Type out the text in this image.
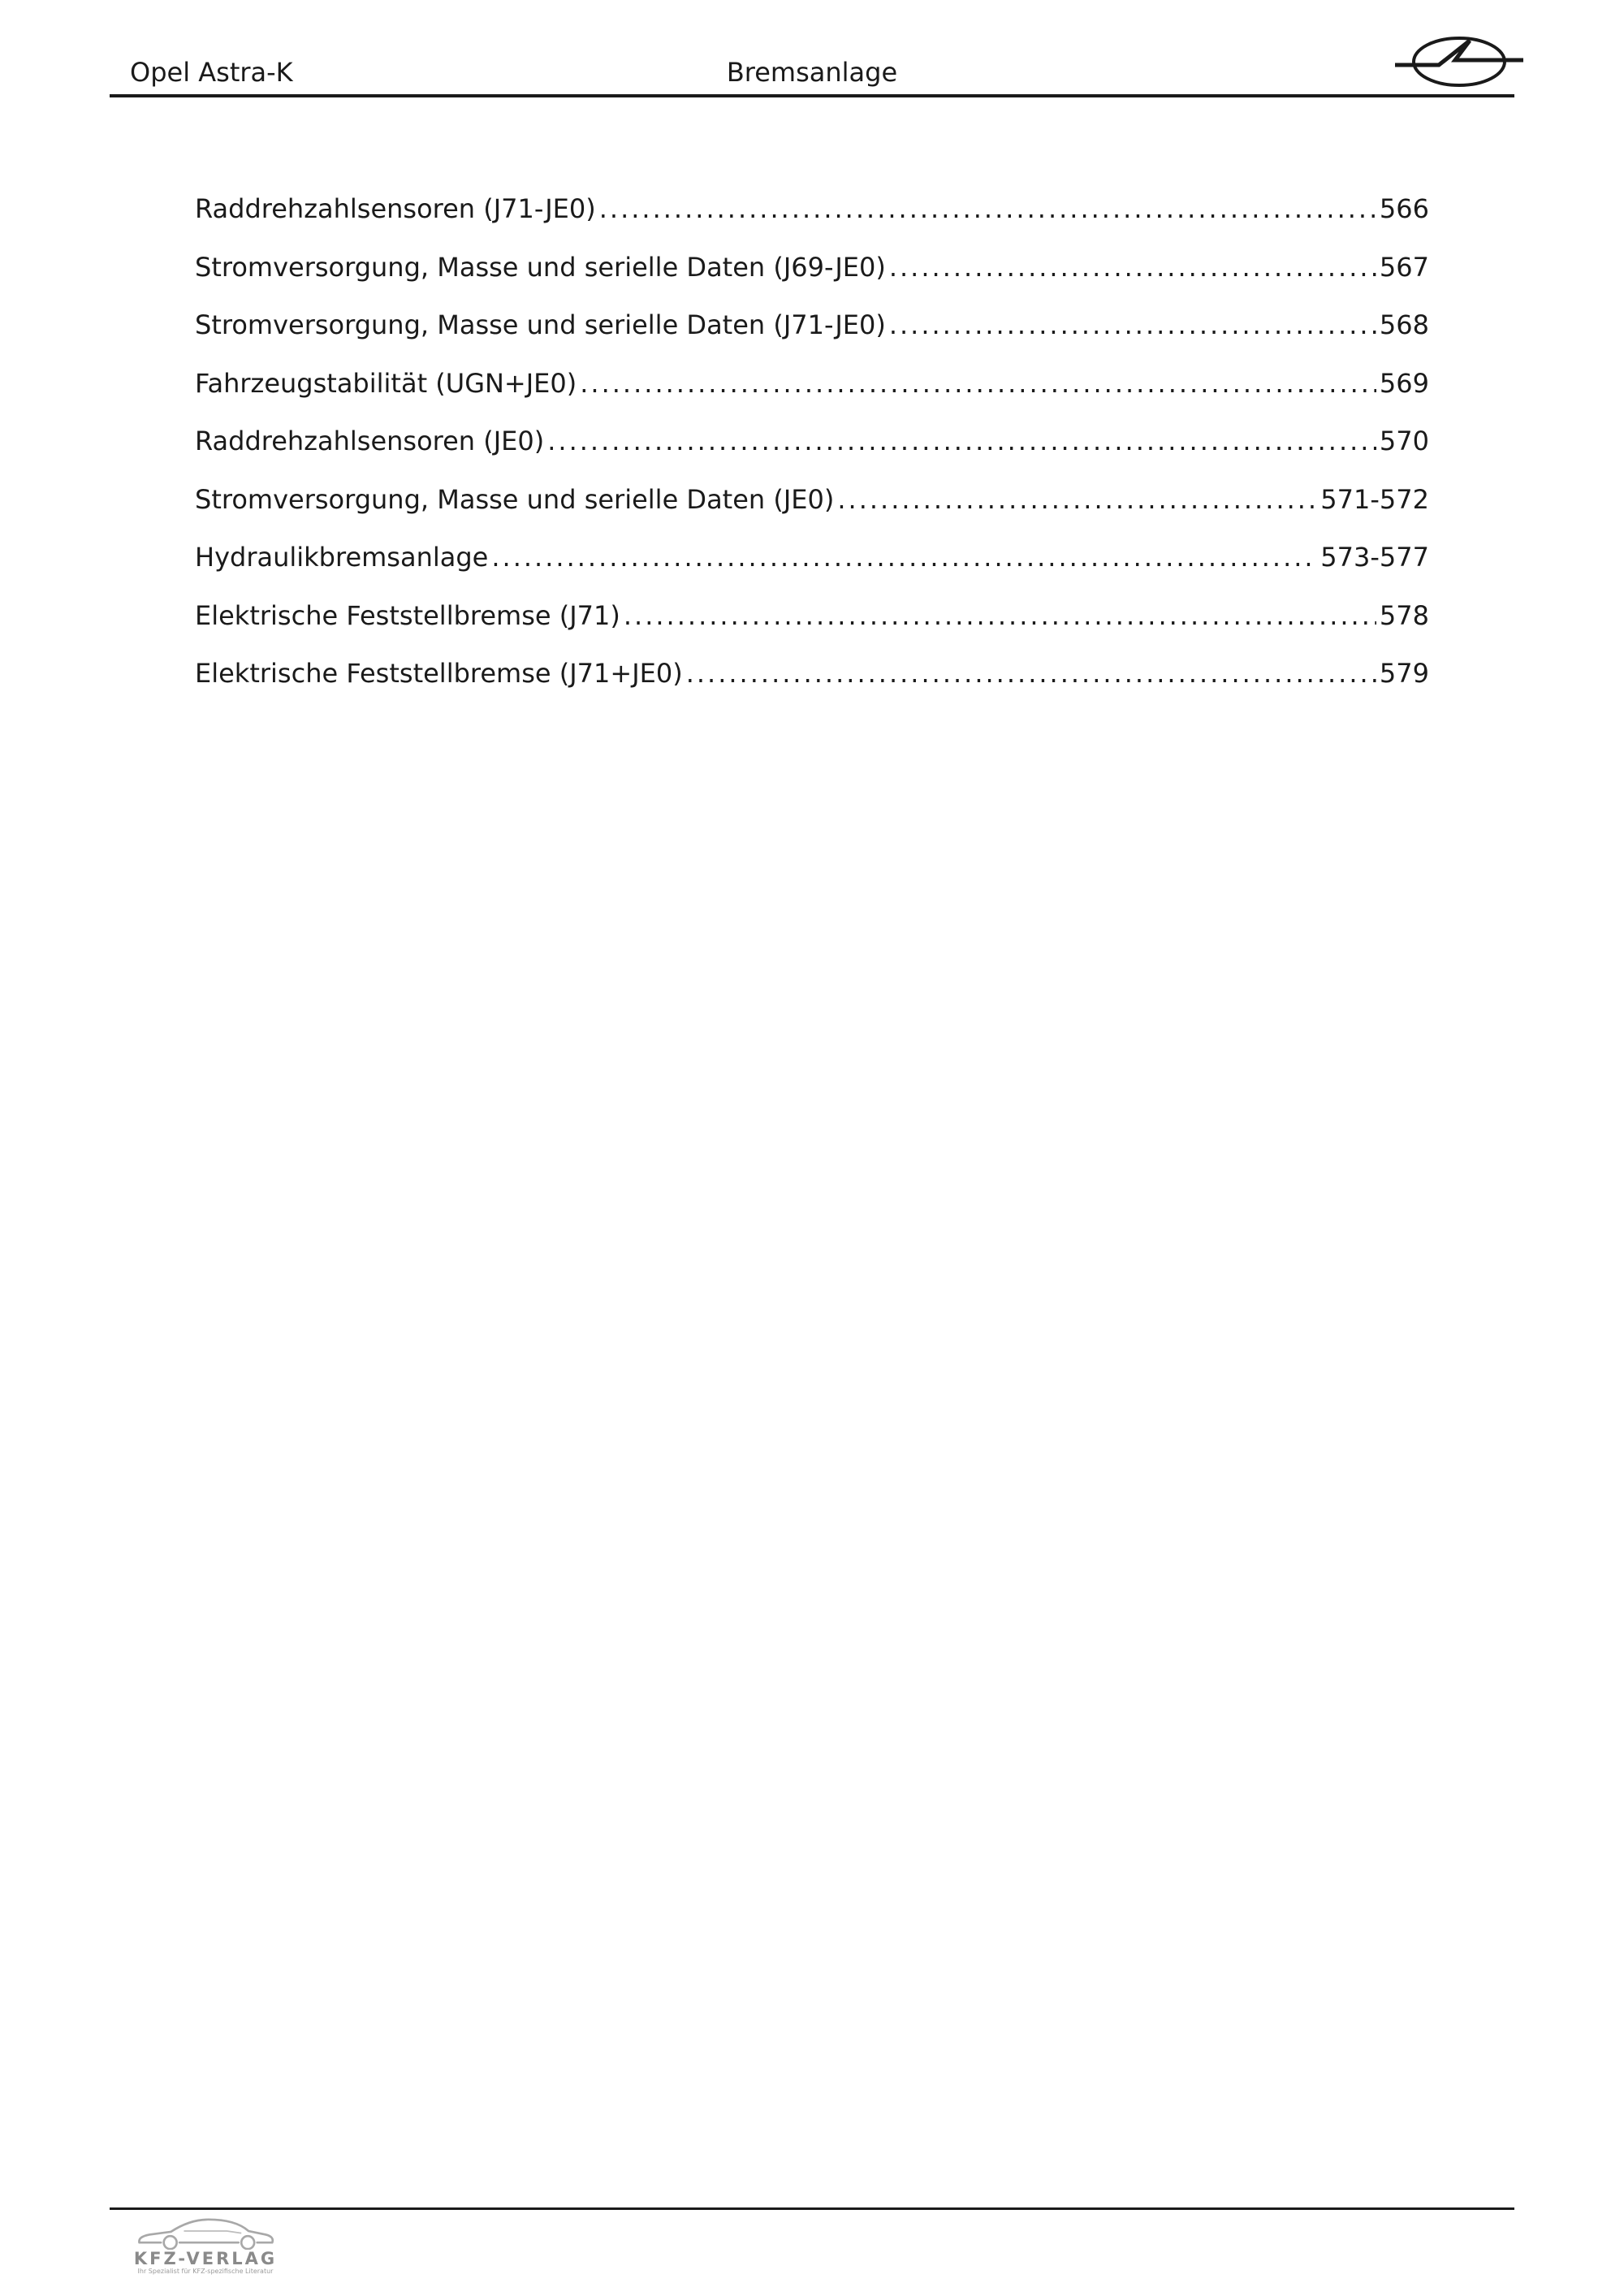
Opel Astra-K	Bremsanlage
Raddrehzahlsensoren (J71-JE0) .....	566
Stromversorgung, Masse und serielle Daten (J69-JE0) .....	567
Stromversorgung, Masse und serielle Daten (J71-JE0) .....	568
Fahrzeugstabilität (UGN+JE0) .....	569
Raddrehzahlsensoren (JE0) .....	570
Stromversorgung, Masse und serielle Daten (JE0) .....	571-572
Hydraulikbremsanlage .....	573-577
Elektrische Feststellbremse (J71) .....	578
Elektrische Feststellbremse (J71+JE0) .....	579
KFZ-VERLAG
Ihr Spezialist für KFZ-spezifische Literatur
